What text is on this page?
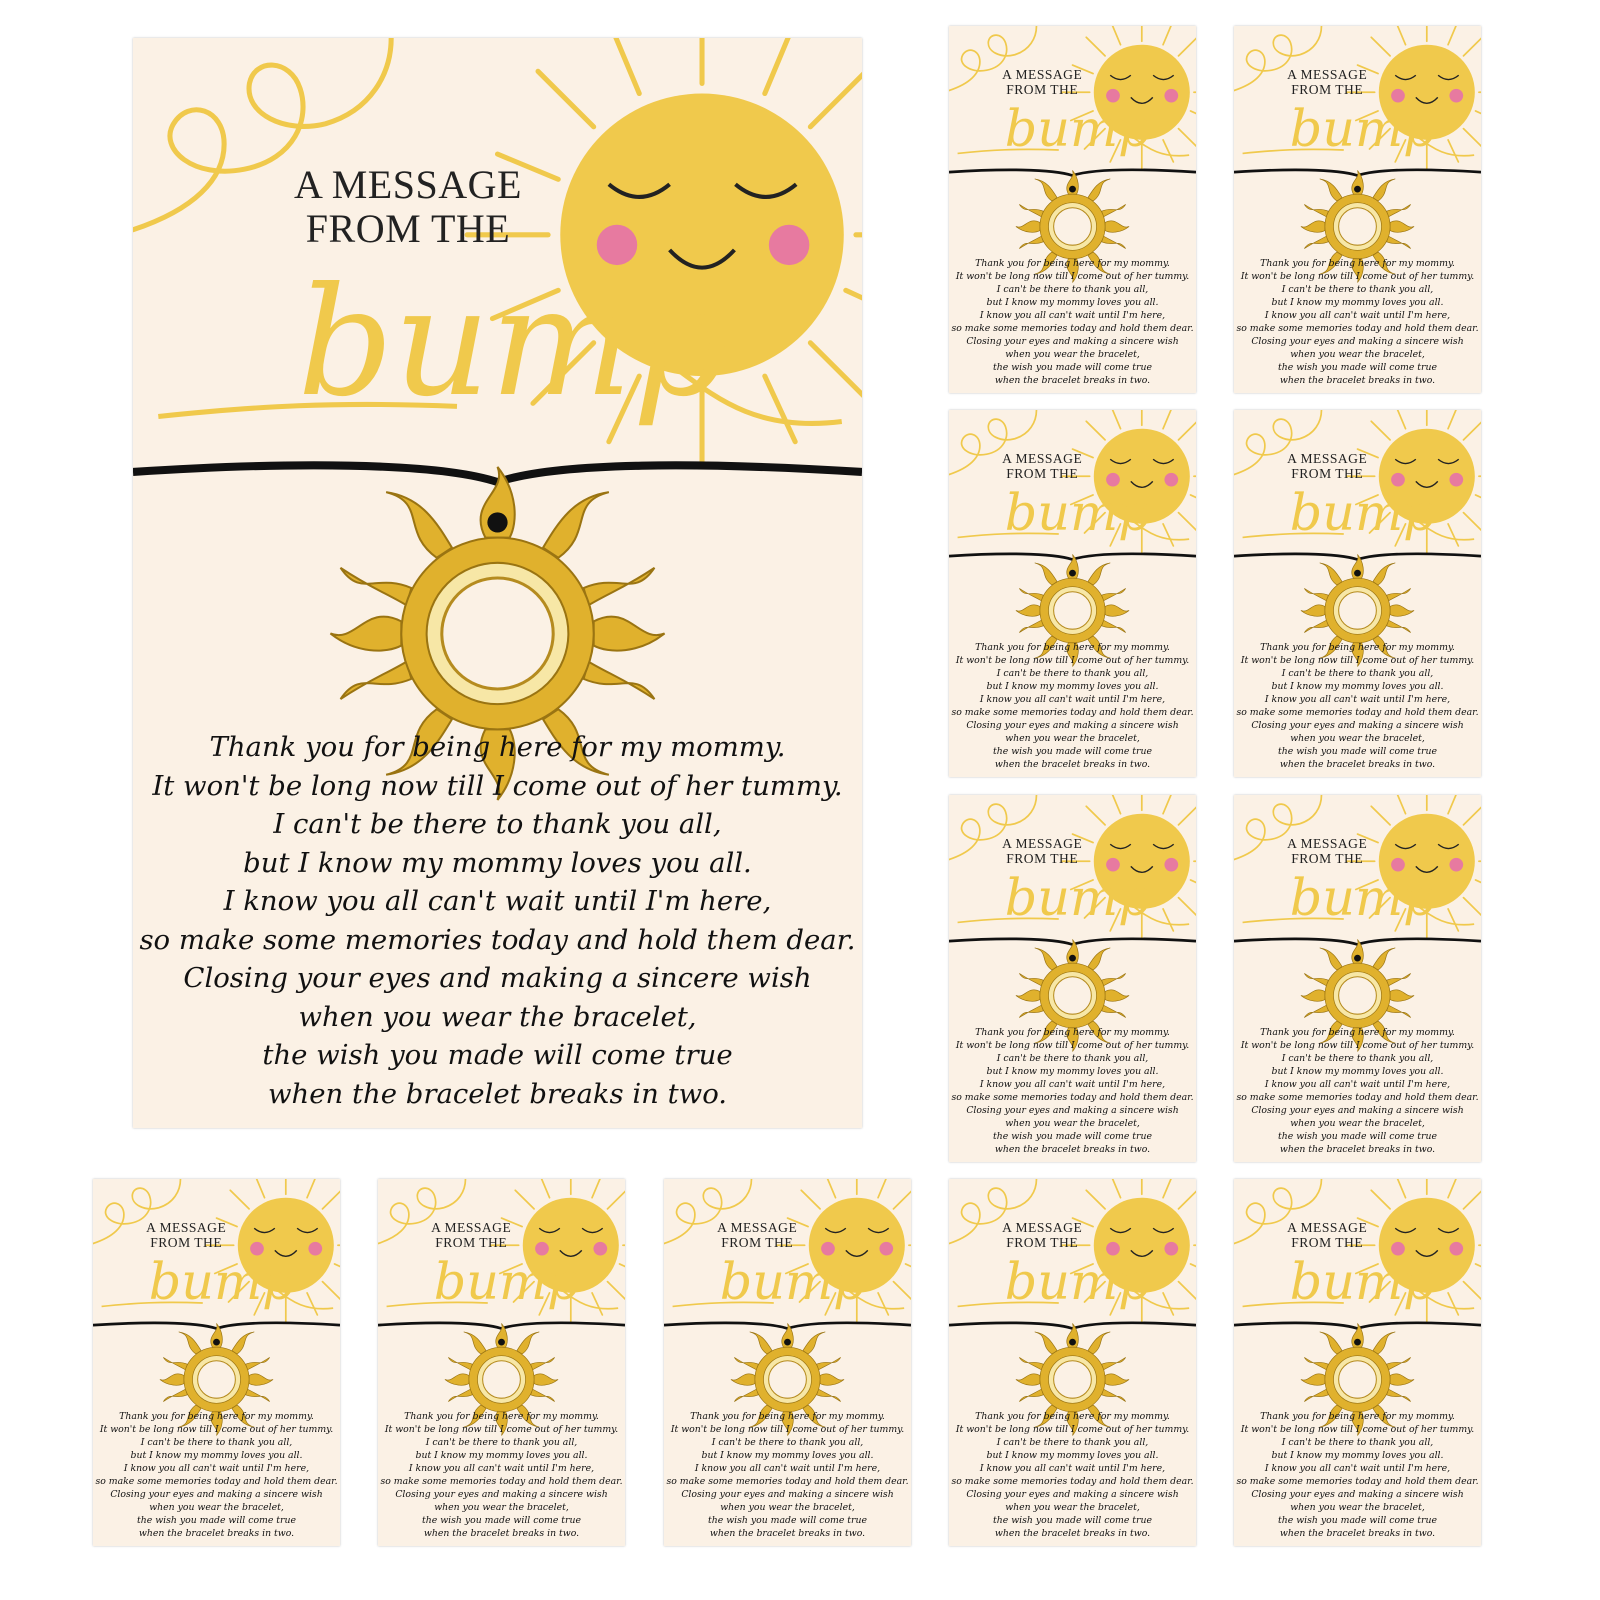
A MESSAGE
FROM THE
bump
Thank you for being here for my mommy.
It won't be long now till I come out of her tummy.
I can't be there to thank you all,
but I know my mommy loves you all.
I know you all can't wait until I'm here,
so make some memories today and hold them dear.
Closing your eyes and making a sincere wish
when you wear the bracelet,
the wish you made will come true
when the bracelet breaks in two.
A MESSAGE
FROM THE
bump
Thank you for being here for my mommy.
It won't be long now till I come out of her tummy.
I can't be there to thank you all,
but I know my mommy loves you all.
I know you all can't wait until I'm here,
so make some memories today and hold them dear.
Closing your eyes and making a sincere wish
when you wear the bracelet,
the wish you made will come true
when the bracelet breaks in two.
A MESSAGE
FROM THE
bump
Thank you for being here for my mommy.
It won't be long now till I come out of her tummy.
I can't be there to thank you all,
but I know my mommy loves you all.
I know you all can't wait until I'm here,
so make some memories today and hold them dear.
Closing your eyes and making a sincere wish
when you wear the bracelet,
the wish you made will come true
when the bracelet breaks in two.
A MESSAGE
FROM THE
bump
Thank you for being here for my mommy.
It won't be long now till I come out of her tummy.
I can't be there to thank you all,
but I know my mommy loves you all.
I know you all can't wait until I'm here,
so make some memories today and hold them dear.
Closing your eyes and making a sincere wish
when you wear the bracelet,
the wish you made will come true
when the bracelet breaks in two.
A MESSAGE
FROM THE
bump
Thank you for being here for my mommy.
It won't be long now till I come out of her tummy.
I can't be there to thank you all,
but I know my mommy loves you all.
I know you all can't wait until I'm here,
so make some memories today and hold them dear.
Closing your eyes and making a sincere wish
when you wear the bracelet,
the wish you made will come true
when the bracelet breaks in two.
A MESSAGE
FROM THE
bump
Thank you for being here for my mommy.
It won't be long now till I come out of her tummy.
I can't be there to thank you all,
but I know my mommy loves you all.
I know you all can't wait until I'm here,
so make some memories today and hold them dear.
Closing your eyes and making a sincere wish
when you wear the bracelet,
the wish you made will come true
when the bracelet breaks in two.
A MESSAGE
FROM THE
bump
Thank you for being here for my mommy.
It won't be long now till I come out of her tummy.
I can't be there to thank you all,
but I know my mommy loves you all.
I know you all can't wait until I'm here,
so make some memories today and hold them dear.
Closing your eyes and making a sincere wish
when you wear the bracelet,
the wish you made will come true
when the bracelet breaks in two.
A MESSAGE
FROM THE
bump
Thank you for being here for my mommy.
It won't be long now till I come out of her tummy.
I can't be there to thank you all,
but I know my mommy loves you all.
I know you all can't wait until I'm here,
so make some memories today and hold them dear.
Closing your eyes and making a sincere wish
when you wear the bracelet,
the wish you made will come true
when the bracelet breaks in two.
A MESSAGE
FROM THE
bump
Thank you for being here for my mommy.
It won't be long now till I come out of her tummy.
I can't be there to thank you all,
but I know my mommy loves you all.
I know you all can't wait until I'm here,
so make some memories today and hold them dear.
Closing your eyes and making a sincere wish
when you wear the bracelet,
the wish you made will come true
when the bracelet breaks in two.
A MESSAGE
FROM THE
bump
Thank you for being here for my mommy.
It won't be long now till I come out of her tummy.
I can't be there to thank you all,
but I know my mommy loves you all.
I know you all can't wait until I'm here,
so make some memories today and hold them dear.
Closing your eyes and making a sincere wish
when you wear the bracelet,
the wish you made will come true
when the bracelet breaks in two.
A MESSAGE
FROM THE
bump
Thank you for being here for my mommy.
It won't be long now till I come out of her tummy.
I can't be there to thank you all,
but I know my mommy loves you all.
I know you all can't wait until I'm here,
so make some memories today and hold them dear.
Closing your eyes and making a sincere wish
when you wear the bracelet,
the wish you made will come true
when the bracelet breaks in two.
A MESSAGE
FROM THE
bump
Thank you for being here for my mommy.
It won't be long now till I come out of her tummy.
I can't be there to thank you all,
but I know my mommy loves you all.
I know you all can't wait until I'm here,
so make some memories today and hold them dear.
Closing your eyes and making a sincere wish
when you wear the bracelet,
the wish you made will come true
when the bracelet breaks in two.
